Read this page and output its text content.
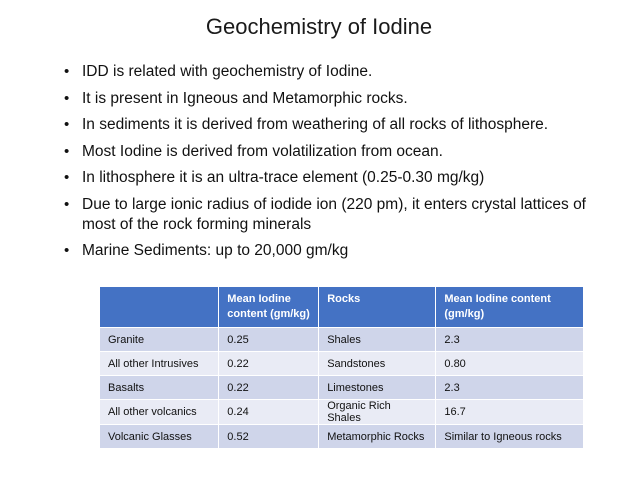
Geochemistry of Iodine
• IDD is related with geochemistry of Iodine.
• It is present in Igneous and Metamorphic rocks.
• In sediments it is derived from weathering of all rocks of lithosphere.
• Most Iodine is derived from volatilization from ocean.
• In lithosphere it is an ultra-trace element (0.25-0.30 mg/kg)
• Due to large ionic radius of iodide ion (220 pm), it enters crystal lattices of most of the rock forming minerals
• Marine Sediments: up to 20,000 gm/kg
	Mean Iodine content (gm/kg)	Rocks	Mean Iodine content (gm/kg)
Granite	0.25	Shales	2.3
All other Intrusives	0.22	Sandstones	0.80
Basalts	0.22	Limestones	2.3
All other volcanics	0.24	Organic Rich Shales	16.7
Volcanic Glasses	0.52	Metamorphic Rocks	Similar to Igneous rocks
